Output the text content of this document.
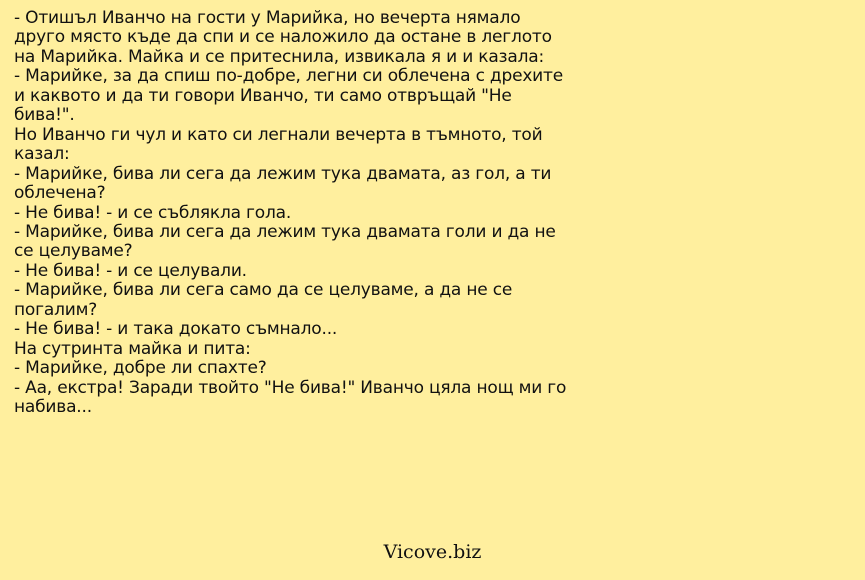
- Отишъл Иванчо на гости у Марийка, но вечерта нямало
друго място къде да спи и се наложило да остане в леглото
на Марийка. Майка и се притеснила, извикала я и и казала:
- Марийке, за да спиш по-добре, легни си облечена с дрехите
и каквото и да ти говори Иванчо, ти само отвръщай "Не
бива!".
Но Иванчо ги чул и като си легнали вечерта в тъмното, той
казал:
- Марийке, бива ли сега да лежим тука двамата, аз гол, а ти
облечена?
- Не бива! - и се съблякла гола.
- Марийке, бива ли сега да лежим тука двамата голи и да не
се целуваме?
- Не бива! - и се целували.
- Марийке, бива ли сега само да се целуваме, а да не се
погалим?
- Не бива! - и така докато съмнало...
На сутринта майка и пита:
- Марийке, добре ли спахте?
- Аа, екстра! Заради твойто "Не бива!" Иванчо цяла нощ ми го
набива...
Vicove.biz
